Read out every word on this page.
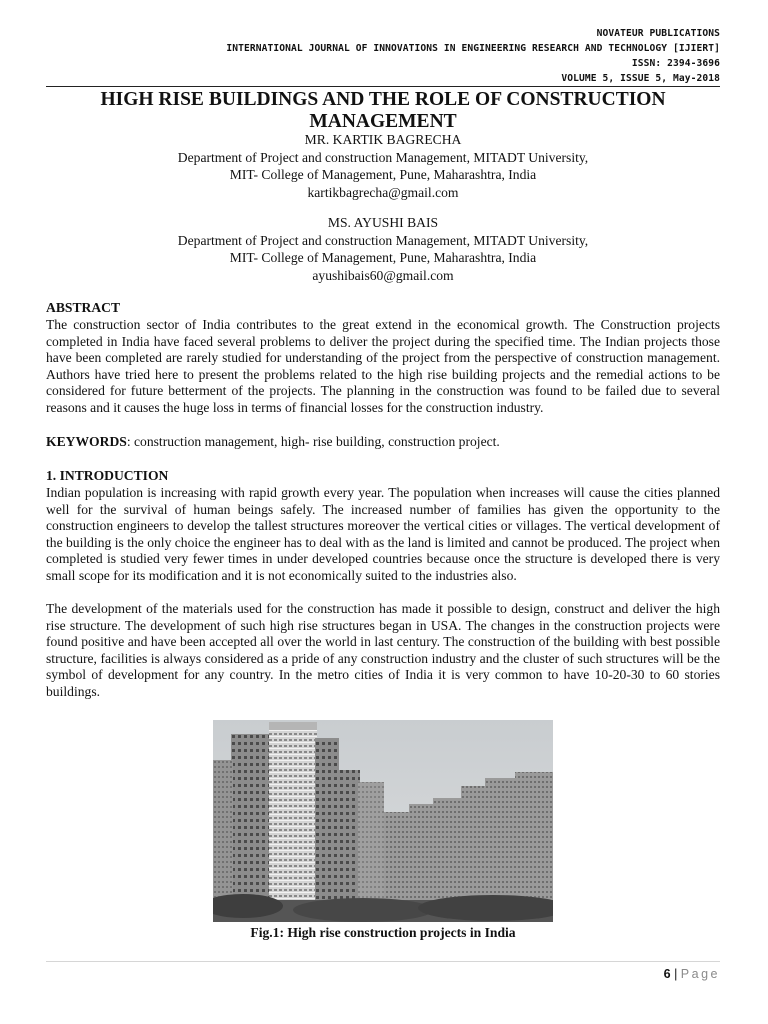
NOVATEUR PUBLICATIONS
INTERNATIONAL JOURNAL OF INNOVATIONS IN ENGINEERING RESEARCH AND TECHNOLOGY [IJIERT]
ISSN: 2394-3696
VOLUME 5, ISSUE 5, May-2018
HIGH RISE BUILDINGS AND THE ROLE OF CONSTRUCTION
MANAGEMENT
MR. KARTIK BAGRECHA
Department of Project and construction Management, MITADT University,
MIT- College of Management, Pune, Maharashtra, India
kartikbagrecha@gmail.com
MS. AYUSHI BAIS
Department of Project and construction Management, MITADT University,
MIT- College of Management, Pune, Maharashtra, India
ayushibais60@gmail.com
ABSTRACT

The construction sector of India contributes to the great extend in the economical growth. The Construction projects completed in India have faced several problems to deliver the project during the specified time. The Indian projects those have been completed are rarely studied for understanding of the project from the perspective of construction management. Authors have tried here to present the problems related to the high rise building projects and the remedial actions to be considered for future betterment of the projects. The planning in the construction was found to be failed due to several reasons and it causes the huge loss in terms of financial losses for the construction industry.

KEYWORDS: construction management, high- rise building, construction project.

1. INTRODUCTION

Indian population is increasing with rapid growth every year. The population when increases will cause the cities planned well for the survival of human beings safely. The increased number of families has given the opportunity to the construction engineers to develop the tallest structures moreover the vertical cities or villages. The vertical development of the building is the only choice the engineer has to deal with as the land is limited and cannot be produced. The project when completed is studied very fewer times in under developed countries because once the structure is developed there is very small scope for its modification and it is not economically suited to the industries also.

The development of the materials used for the construction has made it possible to design, construct and deliver the high rise structure. The development of such high rise structures began in USA. The changes in the construction projects were found positive and have been accepted all over the world in last century. The construction of the building with best possible structure, facilities is always considered as a pride of any construction industry and the cluster of such structures will be the symbol of development for any country. In the metro cities of India it is very common to have 10-20-30 to 60 stories buildings.

Fig.1: High rise construction projects in India
6 | Page
